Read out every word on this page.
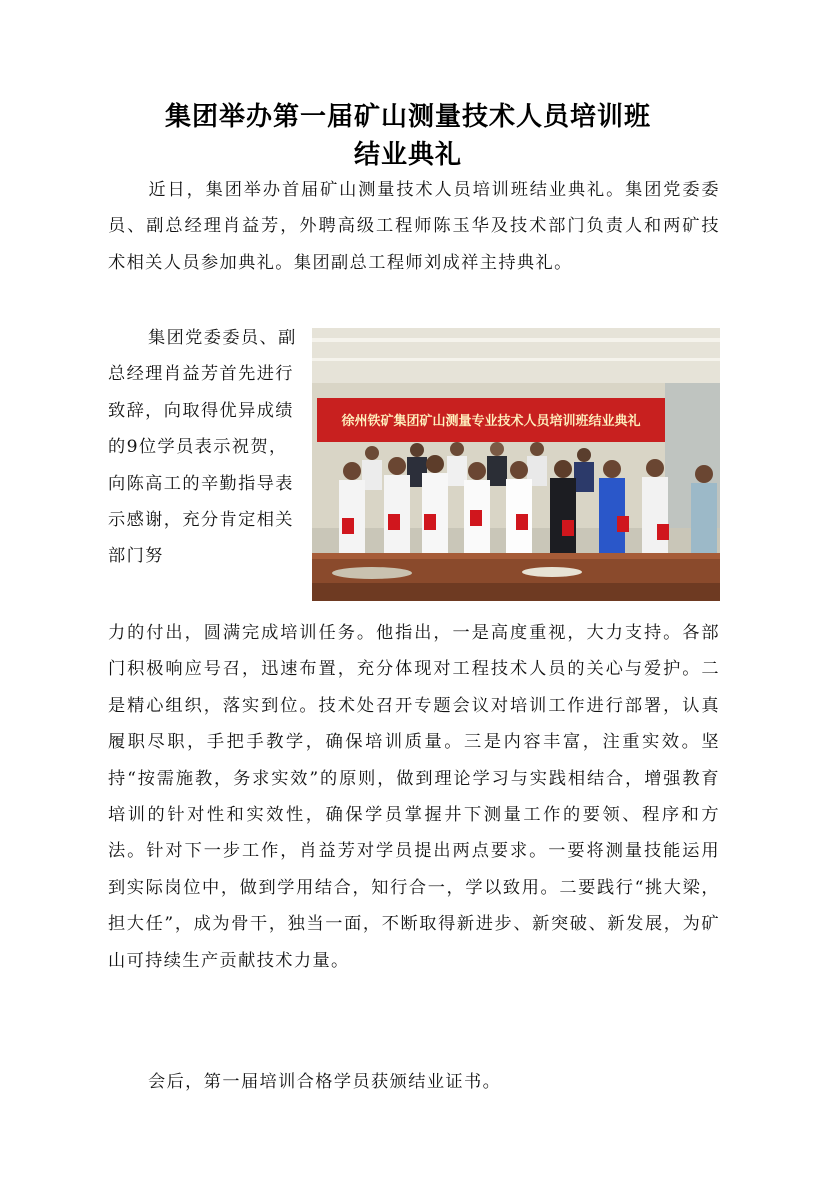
集团举办第一届矿山测量技术人员培训班
结业典礼
近日，集团举办首届矿山测量技术人员培训班结业典礼。集团党委委员、副总经理肖益芳，外聘高级工程师陈玉华及技术部门负责人和两矿技术相关人员参加典礼。集团副总工程师刘成祥主持典礼。
集团党委委员、副总经理肖益芳首先进行致辞，向取得优异成绩的9位学员表示祝贺，向陈高工的辛勤指导表示感谢，充分肯定相关部门努
徐州铁矿集团矿山测量专业技术人员培训班结业典礼
力的付出，圆满完成培训任务。他指出，一是高度重视，大力支持。各部门积极响应号召，迅速布置，充分体现对工程技术人员的关心与爱护。二是精心组织，落实到位。技术处召开专题会议对培训工作进行部署，认真履职尽职，手把手教学，确保培训质量。三是内容丰富，注重实效。坚持“按需施教，务求实效”的原则，做到理论学习与实践相结合，增强教育培训的针对性和实效性，确保学员掌握井下测量工作的要领、程序和方法。针对下一步工作，肖益芳对学员提出两点要求。一要将测量技能运用到实际岗位中，做到学用结合，知行合一，学以致用。二要践行“挑大梁，担大任”，成为骨干，独当一面，不断取得新进步、新突破、新发展，为矿山可持续生产贡献技术力量。
会后，第一届培训合格学员获颁结业证书。
